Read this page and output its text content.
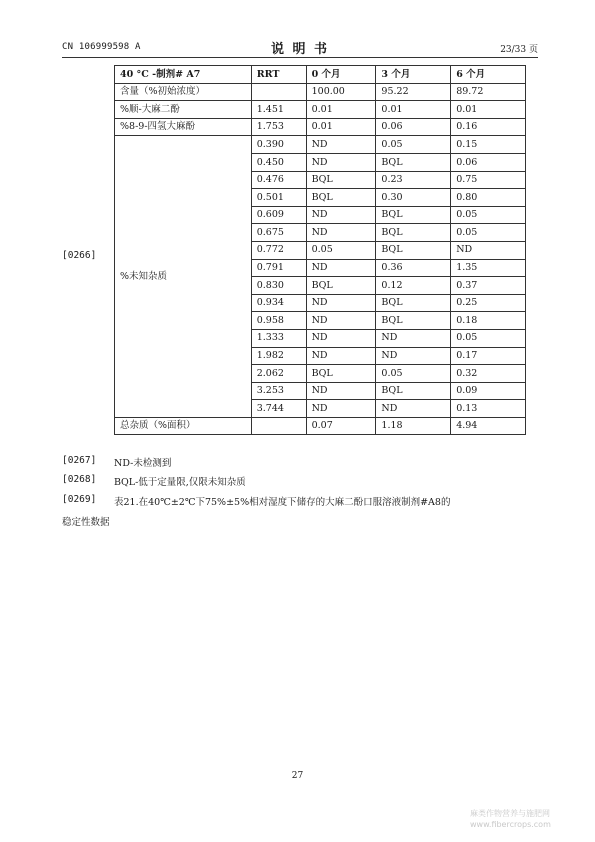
CN 106999598 A	说 明 书	23/33 页
[0266]
40 °C -制剂# A7	RRT	0 个月	3 个月	6 个月
含量（%初始浓度）		100.00	95.22	89.72
%顺-大麻二酚	1.451	0.01	0.01	0.01
%8-9-四氢大麻酚	1.753	0.01	0.06	0.16
%未知杂质	0.390	ND	0.05	0.15
	0.450	ND	BQL	0.06
	0.476	BQL	0.23	0.75
	0.501	BQL	0.30	0.80
	0.609	ND	BQL	0.05
	0.675	ND	BQL	0.05
	0.772	0.05	BQL	ND
	0.791	ND	0.36	1.35
	0.830	BQL	0.12	0.37
	0.934	ND	BQL	0.25
	0.958	ND	BQL	0.18
	1.333	ND	ND	0.05
	1.982	ND	ND	0.17
	2.062	BQL	0.05	0.32
	3.253	ND	BQL	0.09
	3.744	ND	ND	0.13
总杂质（%面积）		0.07	1.18	4.94
[0267] ND-未检测到
[0268] BQL-低于定量限,仅限未知杂质
[0269] 表21.在40℃±2℃下75%±5%相对湿度下储存的大麻二酚口服溶液制剂#A8的
稳定性数据
27
麻类作物营养与施肥网
www.fibercrops.com
